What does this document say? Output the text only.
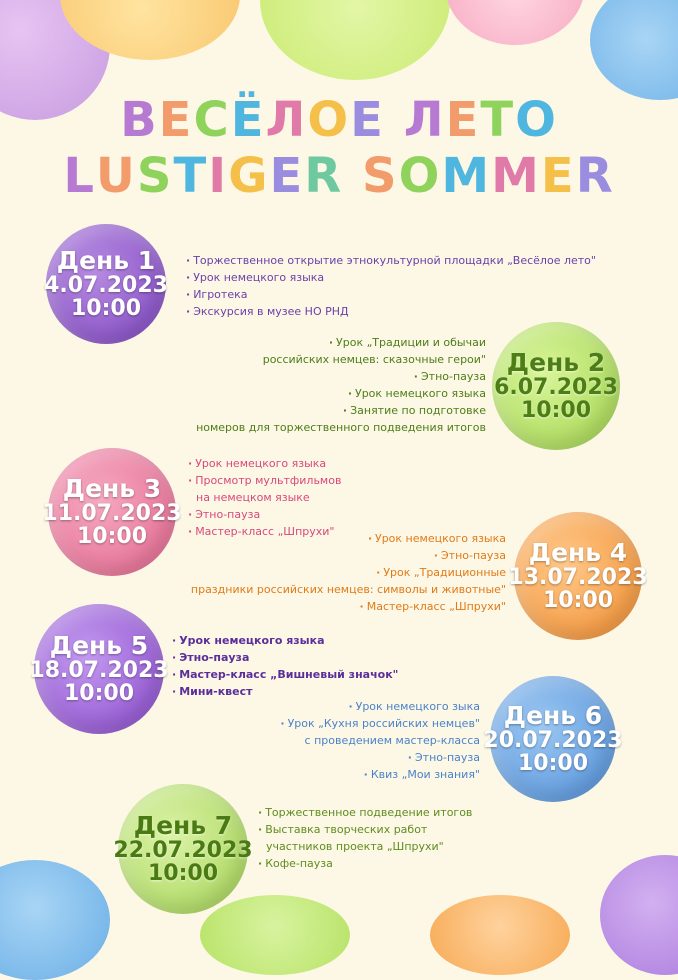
ВЕСЁЛОЕ ЛЕТО
LUSTIGER SOMMER
День 1
4.07.2023
10:00
· Торжественное открытие этнокультурной площадки „Весёлое лето"
· Урок немецкого языка
· Игротека
· Экскурсия в музее НО РНД
День 2
6.07.2023
10:00
· Урок „Традиции и обычаи
российских немцев: сказочные герои"
· Этно-пауза
· Урок немецкого языка
· Занятие по подготовке
номеров для торжественного подведения итогов
День 3
11.07.2023
10:00
· Урок немецкого языка
· Просмотр мультфильмов
на немецком языке
· Этно-пауза
· Мастер-класс „Шпрухи"
День 4
13.07.2023
10:00
· Урок немецкого языка
· Этно-пауза
· Урок „Традиционные
праздники российских немцев: символы и животные"
· Мастер-класс „Шпрухи"
День 5
18.07.2023
10:00
· Урок немецкого языка
· Этно-пауза
· Мастер-класс „Вишневый значок"
· Мини-квест
День 6
20.07.2023
10:00
· Урок немецкого зыка
· Урок „Кухня российских немцев"
с проведением мастер-класса
· Этно-пауза
· Квиз „Мои знания"
День 7
22.07.2023
10:00
· Торжественное подведение итогов
· Выставка творческих работ
участников проекта „Шпрухи"
· Кофе-пауза
